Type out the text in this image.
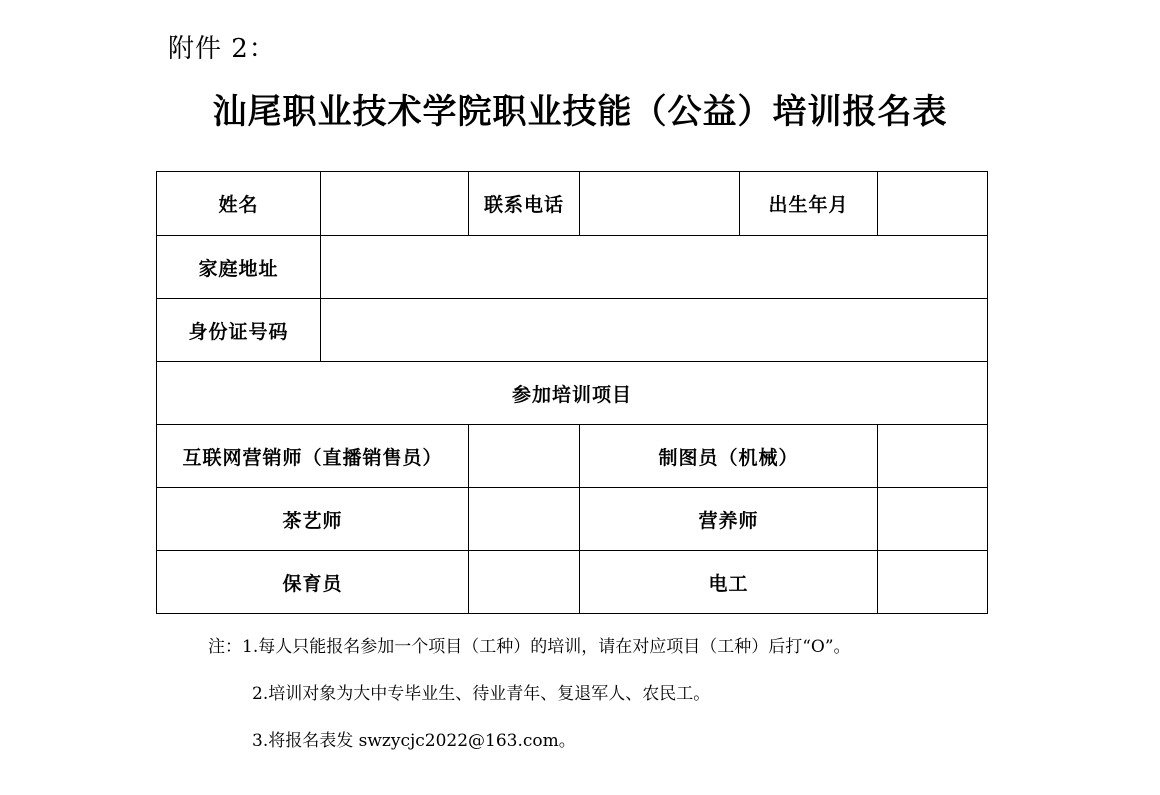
附件 2：
汕尾职业技术学院职业技能（公益）培训报名表
姓名		联系电话		出生年月	
家庭地址					
身份证号码					
参加培训项目					
互联网营销师（直播销售员）			制图员（机械）		
茶艺师			营养师		
保育员			电工		
注：1.每人只能报名参加一个项目（工种）的培训，请在对应项目（工种）后打“O”。
2.培训对象为大中专毕业生、待业青年、复退军人、农民工。
3.将报名表发 swzycjc2022@163.com。
